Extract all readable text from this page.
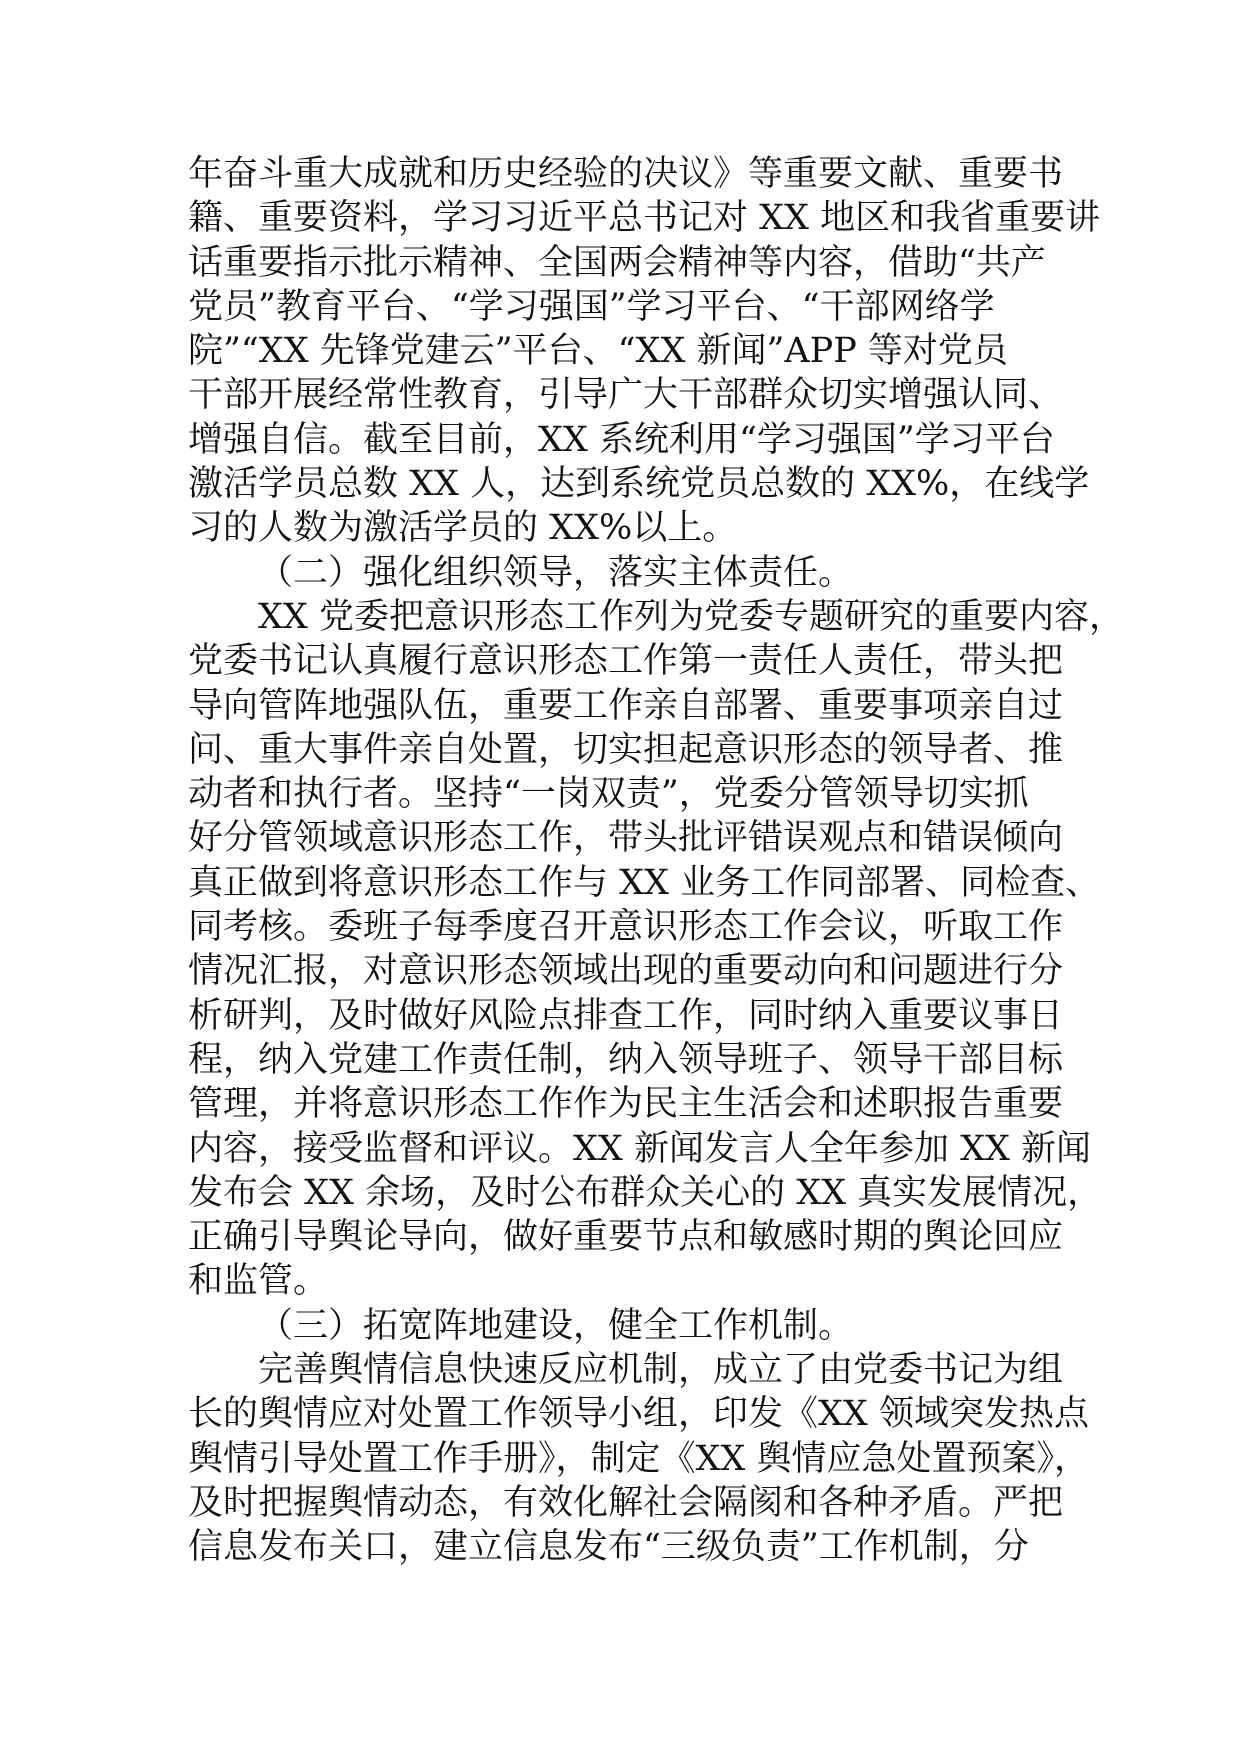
年奋斗重大成就和历史经验的决议》等重要文献、重要书
籍、重要资料，学习习近平总书记对 XX 地区和我省重要讲
话重要指示批示精神、全国两会精神等内容，借助“共产
党员”教育平台、“学习强国”学习平台、“干部网络学
院”“XX 先锋党建云”平台、“XX 新闻”APP 等对党员
干部开展经常性教育，引导广大干部群众切实增强认同、
增强自信。截至目前，XX 系统利用“学习强国”学习平台
激活学员总数 XX 人，达到系统党员总数的 XX%，在线学
习的人数为激活学员的 XX%以上。
（二）强化组织领导，落实主体责任。
XX 党委把意识形态工作列为党委专题研究的重要内容，
党委书记认真履行意识形态工作第一责任人责任，带头把
导向管阵地强队伍，重要工作亲自部署、重要事项亲自过
问、重大事件亲自处置，切实担起意识形态的领导者、推
动者和执行者。坚持“一岗双责”，党委分管领导切实抓
好分管领域意识形态工作，带头批评错误观点和错误倾向
真正做到将意识形态工作与 XX 业务工作同部署、同检查、
同考核。委班子每季度召开意识形态工作会议，听取工作
情况汇报，对意识形态领域出现的重要动向和问题进行分
析研判，及时做好风险点排查工作，同时纳入重要议事日
程，纳入党建工作责任制，纳入领导班子、领导干部目标
管理，并将意识形态工作作为民主生活会和述职报告重要
内容，接受监督和评议。XX 新闻发言人全年参加 XX 新闻
发布会 XX 余场，及时公布群众关心的 XX 真实发展情况，
正确引导舆论导向，做好重要节点和敏感时期的舆论回应
和监管。
（三）拓宽阵地建设，健全工作机制。
完善舆情信息快速反应机制，成立了由党委书记为组
长的舆情应对处置工作领导小组，印发《XX 领域突发热点
舆情引导处置工作手册》，制定《XX 舆情应急处置预案》，
及时把握舆情动态，有效化解社会隔阂和各种矛盾。严把
信息发布关口，建立信息发布“三级负责”工作机制，分
